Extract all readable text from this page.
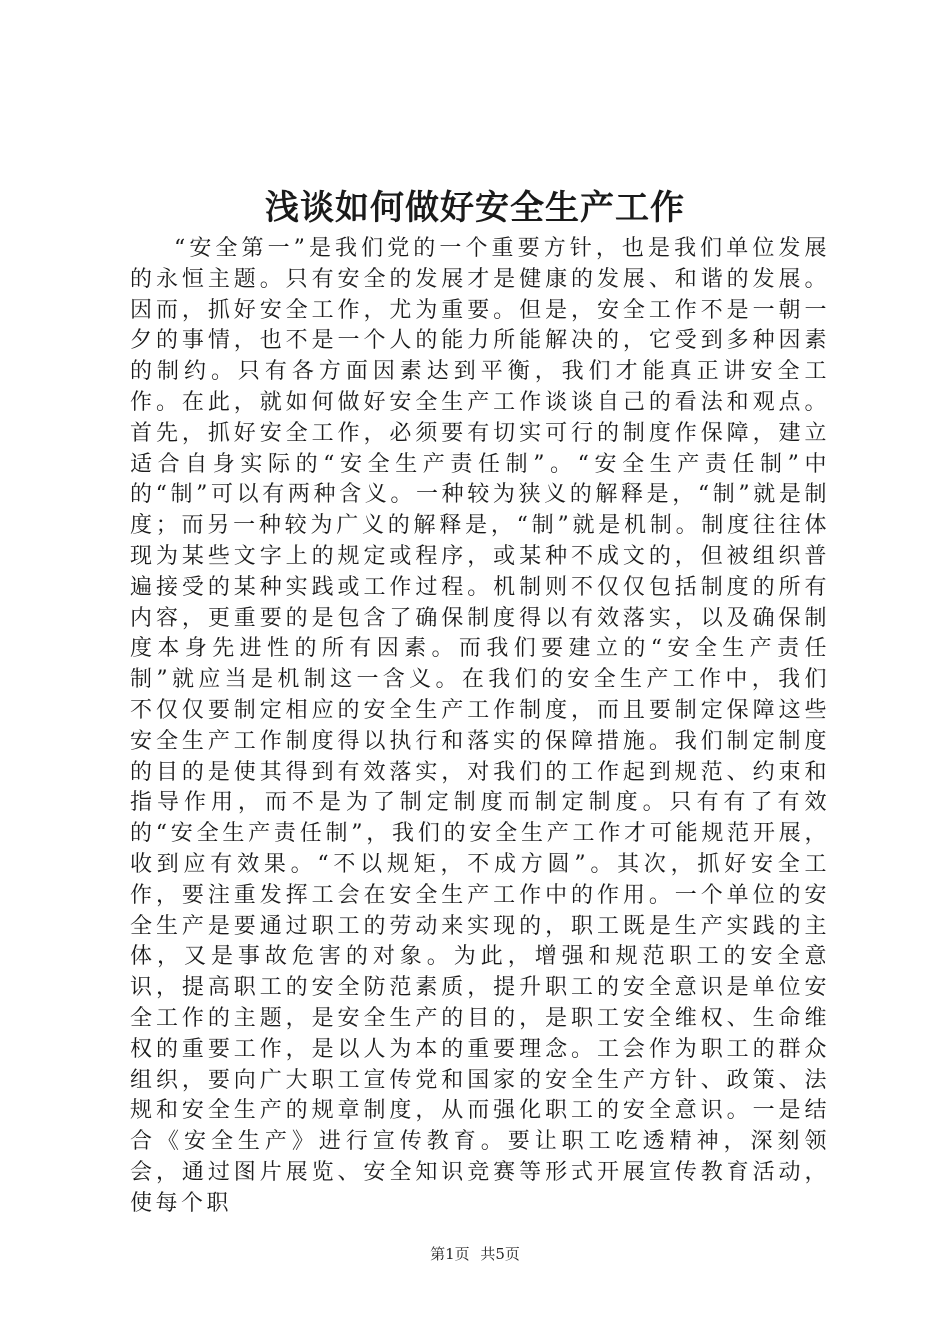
浅谈如何做好安全生产工作

“安全第一”是我们党的一个重要方针，也是我们单位发展的永恒主题。只有安全的发展才是健康的发展、和谐的发展。因而，抓好安全工作，尤为重要。但是，安全工作不是一朝一夕的事情，也不是一个人的能力所能解决的，它受到多种因素的制约。只有各方面因素达到平衡，我们才能真正讲安全工作。在此，就如何做好安全生产工作谈谈自己的看法和观点。首先，抓好安全工作，必须要有切实可行的制度作保障，建立适合自身实际的“安全生产责任制”。“安全生产责任制”中的“制”可以有两种含义。一种较为狭义的解释是，“制”就是制度；而另一种较为广义的解释是，“制”就是机制。制度往往体现为某些文字上的规定或程序，或某种不成文的，但被组织普遍接受的某种实践或工作过程。机制则不仅仅包括制度的所有内容，更重要的是包含了确保制度得以有效落实，以及确保制度本身先进性的所有因素。而我们要建立的“安全生产责任制”就应当是机制这一含义。在我们的安全生产工作中，我们不仅仅要制定相应的安全生产工作制度，而且要制定保障这些安全生产工作制度得以执行和落实的保障措施。我们制定制度的目的是使其得到有效落实，对我们的工作起到规范、约束和指导作用，而不是为了制定制度而制定制度。只有有了有效的“安全生产责任制”，我们的安全生产工作才可能规范开展，收到应有效果。“不以规矩，不成方圆”。其次，抓好安全工作，要注重发挥工会在安全生产工作中的作用。一个单位的安全生产是要通过职工的劳动来实现的，职工既是生产实践的主体，又是事故危害的对象。为此，增强和规范职工的安全意识，提高职工的安全防范素质，提升职工的安全意识是单位安全工作的主题，是安全生产的目的，是职工安全维权、生命维权的重要工作，是以人为本的重要理念。工会作为职工的群众组织，要向广大职工宣传党和国家的安全生产方针、政策、法规和安全生产的规章制度，从而强化职工的安全意识。一是结合《安全生产》进行宣传教育。要让职工吃透精神，深刻领会，通过图片展览、安全知识竞赛等形式开展宣传教育活动，使每个职

第1页 共5页
